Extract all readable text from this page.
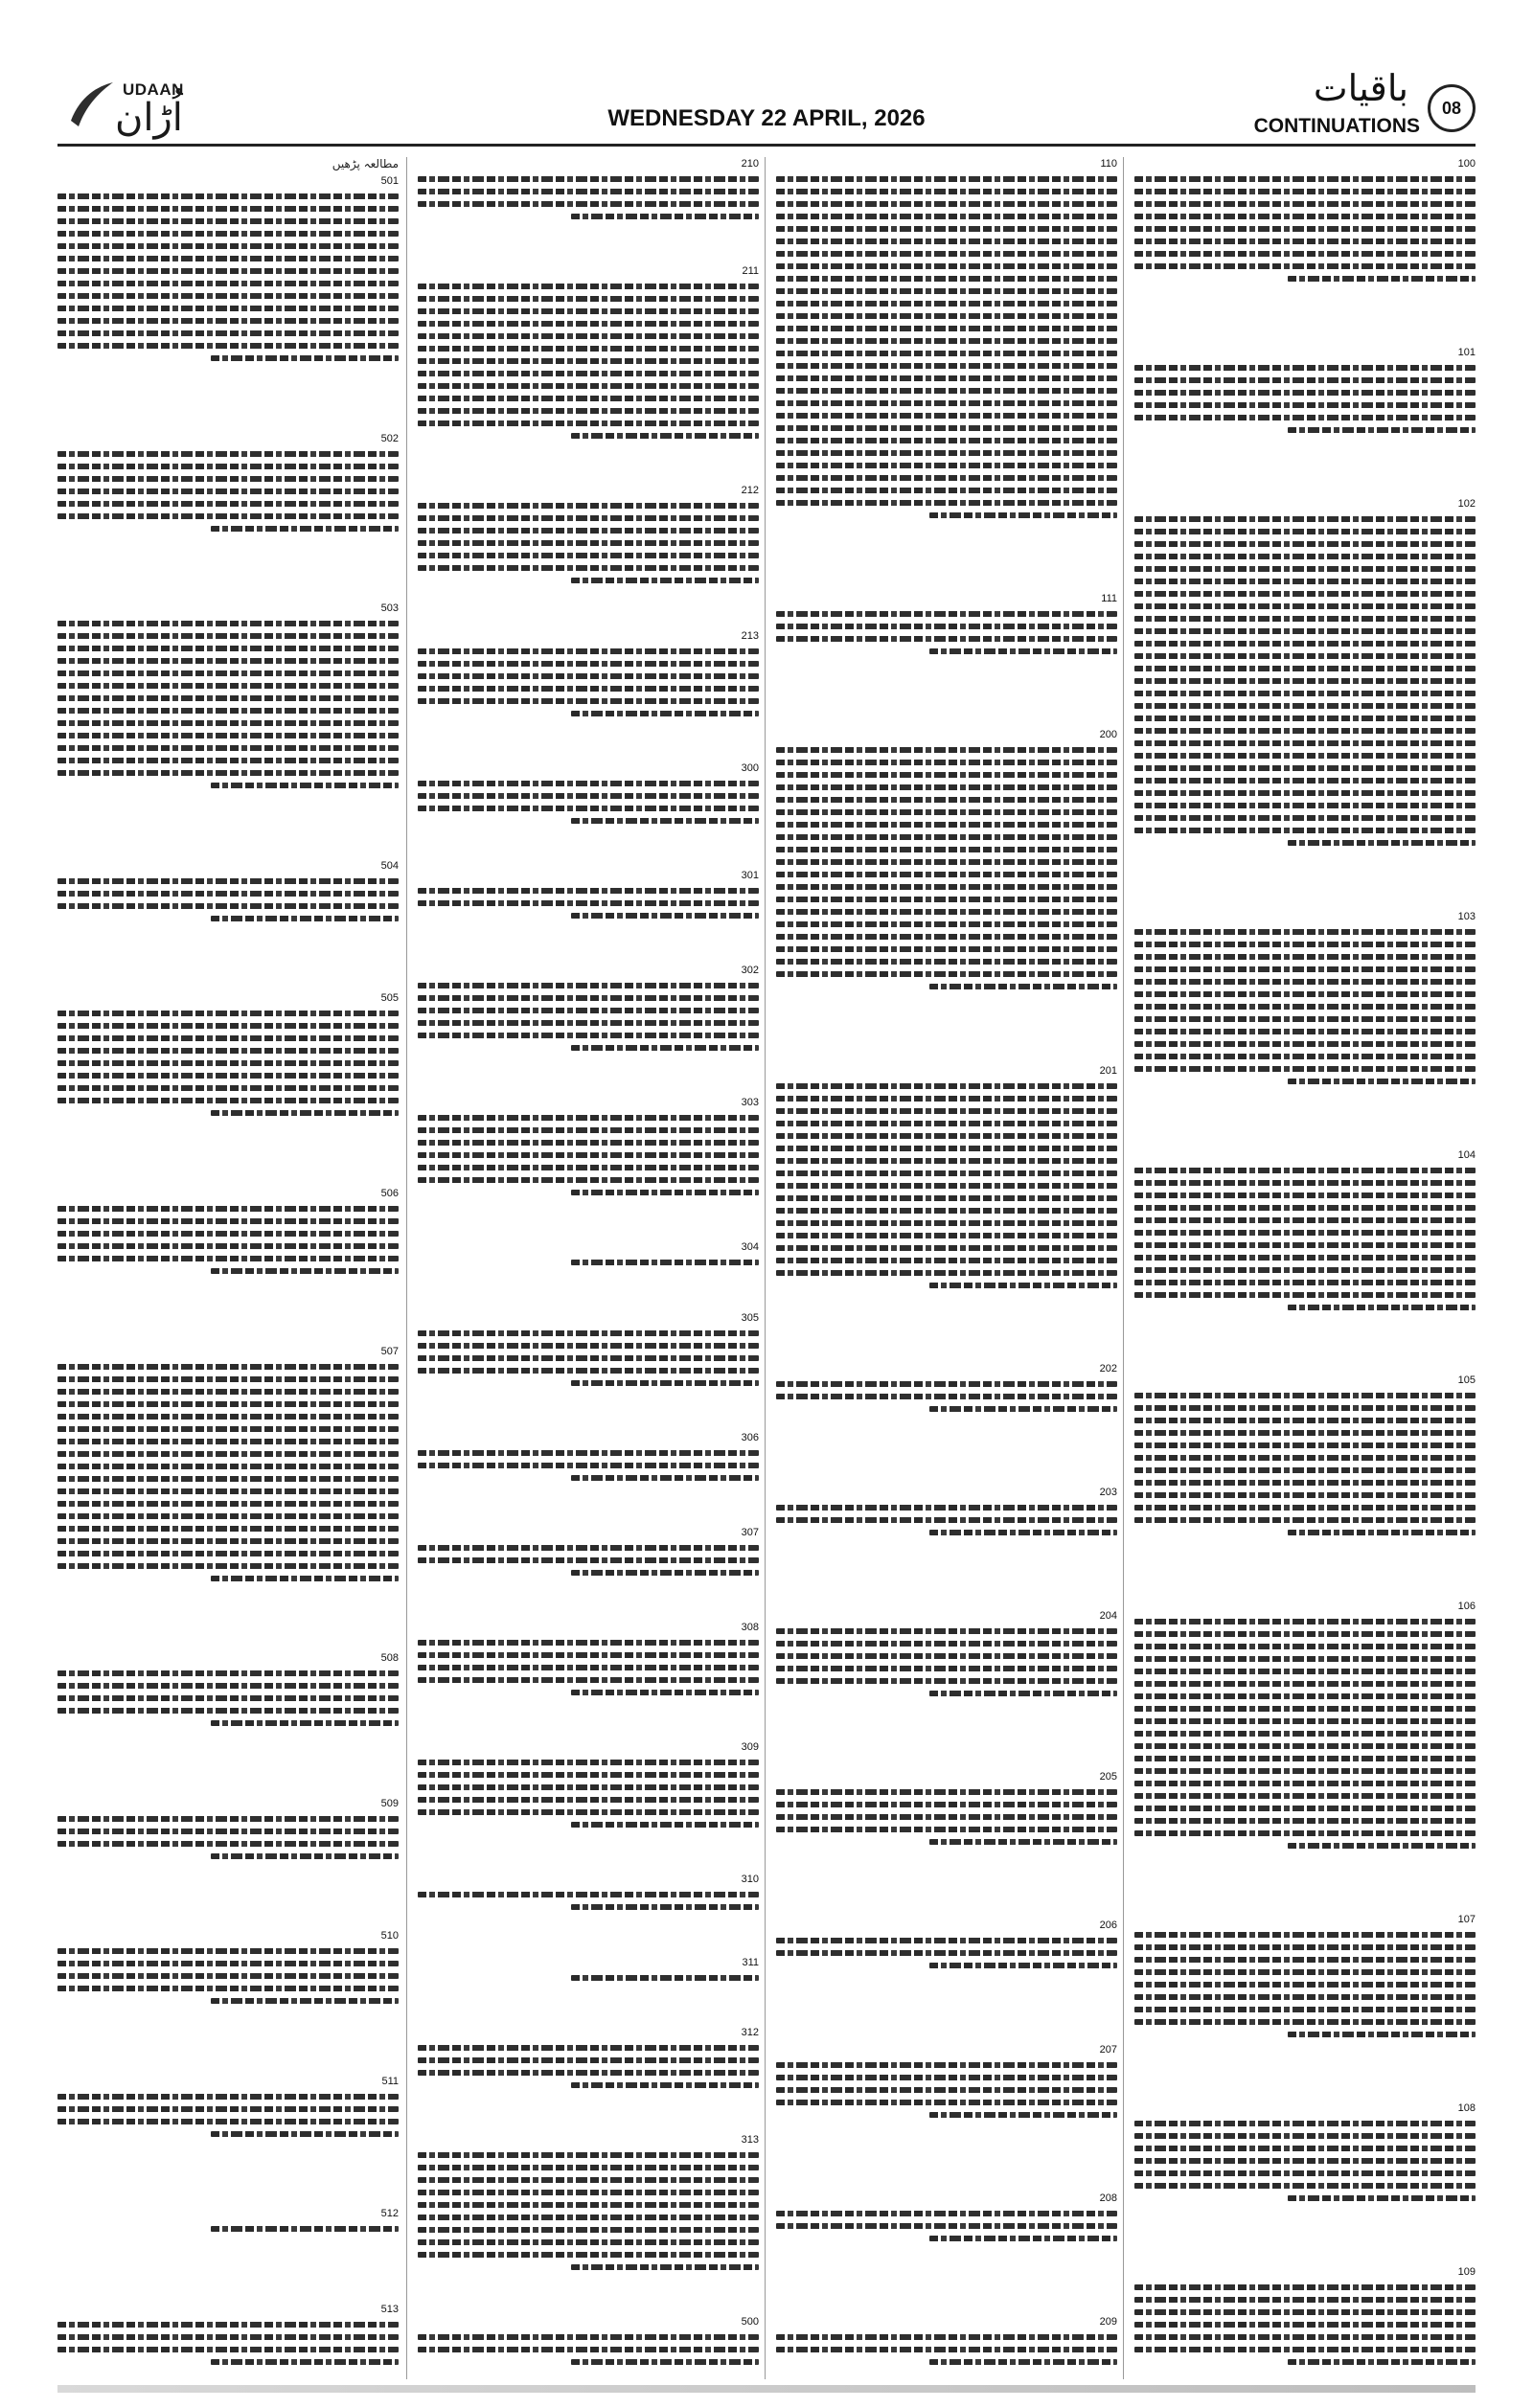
UDAAN
اُڑان	WEDNESDAY 22 APRIL, 2026
باقیات
CONTINUATIONS
08
100
101
102
103
104
105
106
107
108
109
110
111
200
201
202
203
204
205
206
207
208
209
210
211
212
213
300
301
302
303
304
305
306
307
308
309
310
311
312
313
500
مطالعہ پڑھیں
501
502
503
504
505
506
507
508
509
510
511
512
513
